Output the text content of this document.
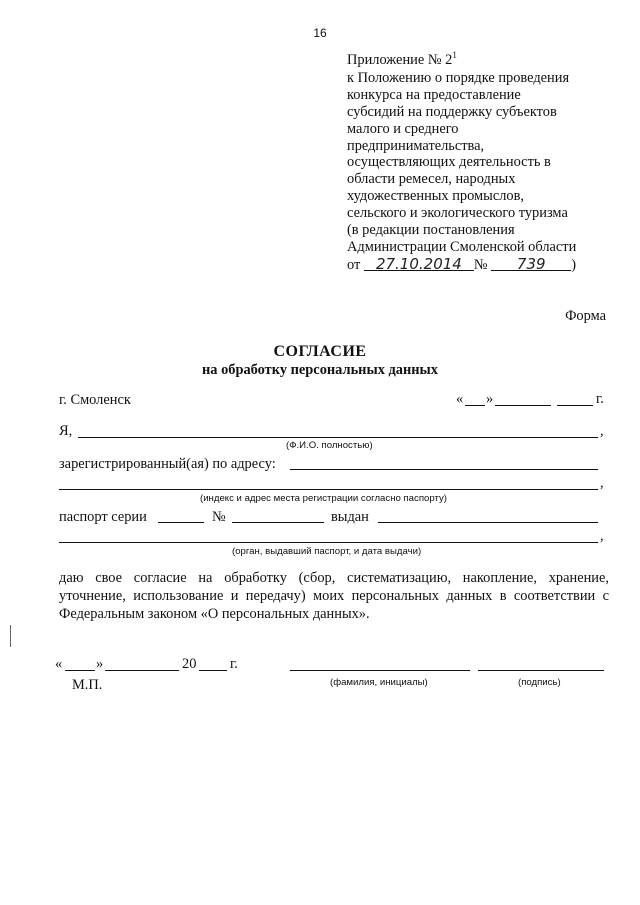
16
Приложение № $2^1$
к Положению о порядке проведения
конкурса на предоставление
субсидий на поддержку субъектов
малого и среднего
предпринимательства,
осуществляющих деятельность в
области ремесел, народных
художественных промыслов,
сельского и экологического туризма
(в редакции постановления
Администрации Смоленской области
от 27.10.2014 № 739 )
Форма
СОГЛАСИЕ
на обработку персональных данных
г. Смоленск	« »	г.
Я,	,
(Ф.И.О. полностью)
зарегистрированный(ая) по адресу:
,
(индекс и адрес места регистрации согласно паспорту)
паспорт серии	№	выдан
,
(орган, выдавший паспорт, и дата выдачи)
даю свое согласие на обработку (сбор, систематизацию, накопление, хранение, уточнение, использование и передачу) моих персональных данных в соответствии с Федеральным законом «О персональных данных».
« »	20 г.
М.П.	(фамилия, инициалы)	(подпись)
